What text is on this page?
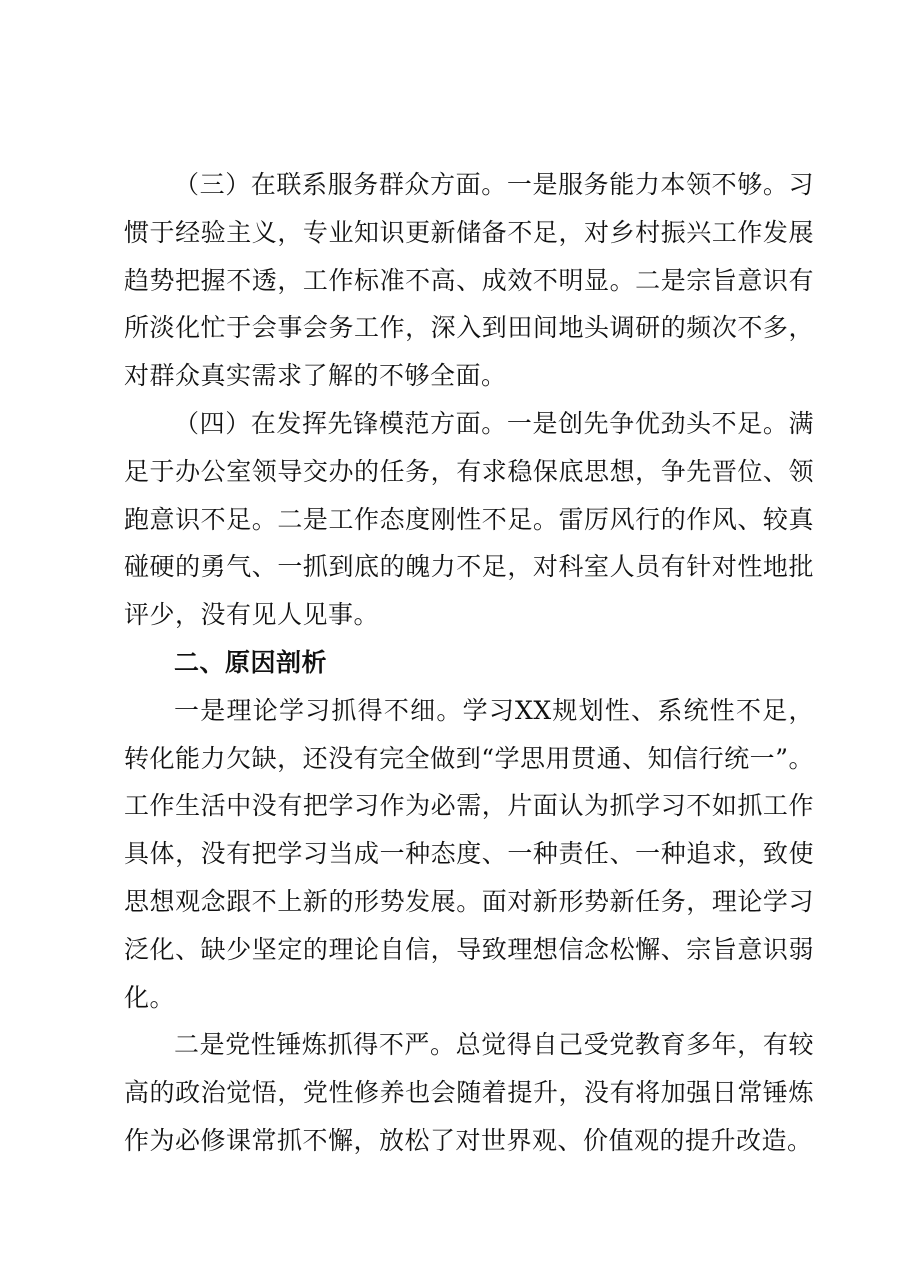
（三）在联系服务群众方面。一是服务能力本领不够。习惯于经验主义，专业知识更新储备不足，对乡村振兴工作发展趋势把握不透，工作标准不高、成效不明显。二是宗旨意识有所淡化忙于会事会务工作，深入到田间地头调研的频次不多，对群众真实需求了解的不够全面。

（四）在发挥先锋模范方面。一是创先争优劲头不足。满足于办公室领导交办的任务，有求稳保底思想，争先晋位、领跑意识不足。二是工作态度刚性不足。雷厉风行的作风、较真碰硬的勇气、一抓到底的魄力不足，对科室人员有针对性地批评少，没有见人见事。

二、原因剖析

一是理论学习抓得不细。学习XX规划性、系统性不足，转化能力欠缺，还没有完全做到“学思用贯通、知信行统一”。工作生活中没有把学习作为必需，片面认为抓学习不如抓工作具体，没有把学习当成一种态度、一种责任、一种追求，致使思想观念跟不上新的形势发展。面对新形势新任务，理论学习泛化、缺少坚定的理论自信，导致理想信念松懈、宗旨意识弱化。

二是党性锤炼抓得不严。总觉得自己受党教育多年，有较高的政治觉悟，党性修养也会随着提升，没有将加强日常锤炼作为必修课常抓不懈，放松了对世界观、价值观的提升改造。
